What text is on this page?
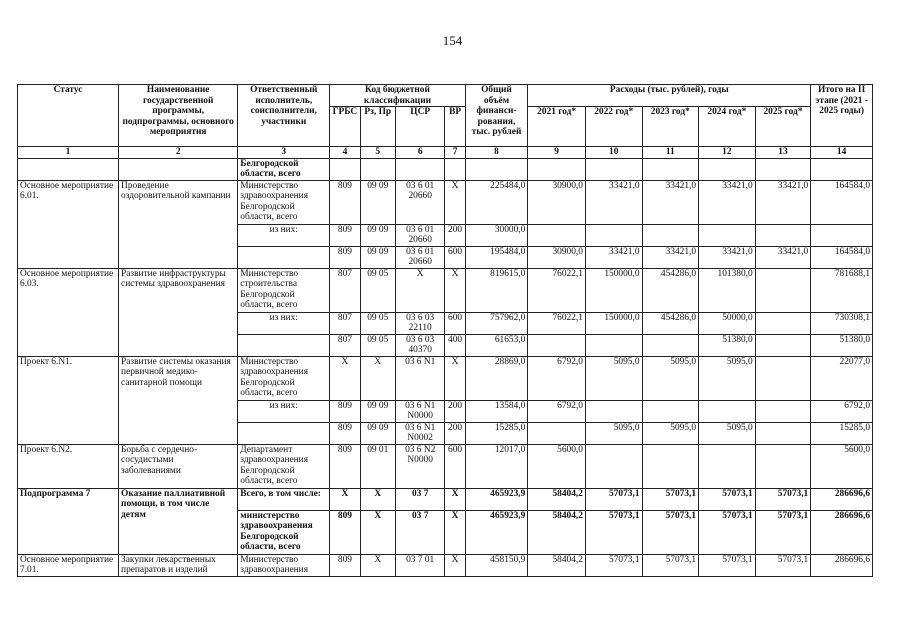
154
Статус	Наименование государственной программы, подпрограммы, основного мероприятия	Ответственный исполнитель, соисполнители, участники	Код бюджетной классификации				Общий объём финанси-рования, тыс. рублей	Расходы (тыс. рублей), годы					Итого на II этапе (2021 - 2025 годы)
			ГРБС	Рз, Пр	ЦСР	ВР		2021 год*	2022 год*	2023 год*	2024 год*	2025 год*	
1	2	3	4	5	6	7	8	9	10	11	12	13	14
		Белгородской области, всего											
Основное мероприятие 6.01.	Проведение оздоровительной кампании	Министерство здравоохранения Белгородской области, всего	809	09 09	03 6 01 20660	Х	225484,0	30900,0	33421,0	33421,0	33421,0	33421,0	164584,0
		из них:	809	09 09	03 6 01 20660	200	30000,0						
			809	09 09	03 6 01 20660	600	195484,0	30900,0	33421,0	33421,0	33421,0	33421,0	164584,0
Основное мероприятие 6.03.	Развитие инфраструктуры системы здравоохранения	Министерство строительства Белгородской области, всего	807	09 05	Х	Х	819615,0	76022,1	150000,0	454286,0	101380,0		781688,1
		из них:	807	09 05	03 6 03 22110	600	757962,0	76022,1	150000,0	454286,0	50000,0		730308,1
			807	09 05	03 6 03 40370	400	61653,0				51380,0		51380,0
Проект 6.N1.	Развитие системы оказания первичной медико-санитарной помощи	Министерство здравоохранения Белгородской области, всего	Х	Х	03 6 N1	Х	28869,0	6792,0	5095,0	5095,0	5095,0		22077,0
		из них:	809	09 09	03 6 N1 N0000	200	13584,0	6792,0					6792,0
			809	09 09	03 6 N1 N0002	200	15285,0		5095,0	5095,0	5095,0		15285,0
Проект 6.N2.	Борьба с сердечно-сосудистыми заболеваниями	Департамент здравоохранения Белгородской области, всего	809	09 01	03 6 N2 N0000	600	12017,0	5600,0					5600,0
Подпрограмма 7	Оказание паллиативной помощи, в том числе детям	Всего, в том числе:	Х	Х	03 7	Х	465923,9	58404,2	57073,1	57073,1	57073,1	57073,1	286696,6
		министерство здравоохранения Белгородской области, всего	809	Х	03 7	Х	465923,9	58404,2	57073,1	57073,1	57073,1	57073,1	286696,6
Основное мероприятие 7.01.	Закупки лекарственных препаратов и изделий	Министерство здравоохранения	809	Х	03 7 01	Х	458150,9	58404,2	57073,1	57073,1	57073,1	57073,1	286696,6
